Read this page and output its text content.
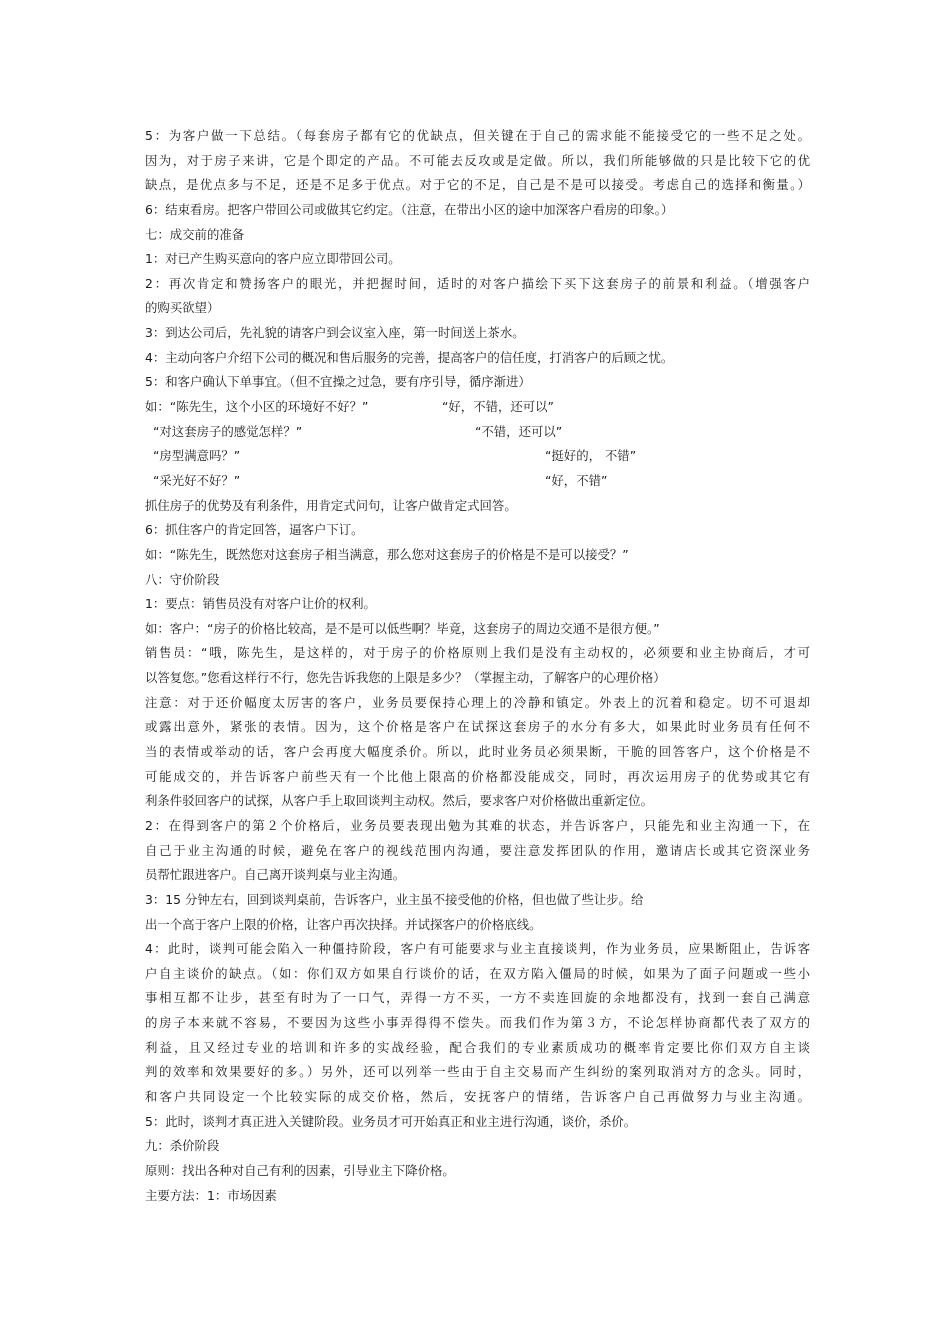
5：为客户做一下总结。（每套房子都有它的优缺点，但关键在于自己的需求能不能接受它的一些不足之处。
因为，对于房子来讲，它是个即定的产品。不可能去反攻或是定做。所以，我们所能够做的只是比较下它的优
缺点，是优点多与不足，还是不足多于优点。对于它的不足，自己是不是可以接受。考虑自己的选择和衡量。）
6：结束看房。把客户带回公司或做其它约定。（注意，在带出小区的途中加深客户看房的印象。）
七：成交前的准备
1：对已产生购买意向的客户应立即带回公司。
2：再次肯定和赞扬客户的眼光，并把握时间，适时的对客户描绘下买下这套房子的前景和利益。（增强客户
的购买欲望）
3：到达公司后，先礼貌的请客户到会议室入座，第一时间送上茶水。
4：主动向客户介绍下公司的概况和售后服务的完善，提高客户的信任度，打消客户的后顾之忧。
5：和客户确认下单事宜。（但不宜操之过急，要有序引导，循序渐进）
如：“陈先生，这个小区的环境好不好？”	“好，不错，还可以”
“对这套房子的感觉怎样？”	“不错，还可以”
“房型满意吗？”	“挺好的， 不错”
“采光好不好？”	“好，不错”
抓住房子的优势及有利条件，用肯定式问句，让客户做肯定式回答。
6：抓住客户的肯定回答，逼客户下订。
如：“陈先生，既然您对这套房子相当满意，那么您对这套房子的价格是不是可以接受？”
八：守价阶段
1：要点：销售员没有对客户让价的权利。
如：客户：“房子的价格比较高，是不是可以低些啊？毕竟，这套房子的周边交通不是很方便。”
销售员：“哦，陈先生，是这样的，对于房子的价格原则上我们是没有主动权的，必须要和业主协商后，才可
以答复您。”您看这样行不行，您先告诉我您的上限是多少？（掌握主动，了解客户的心理价格）
注意：对于还价幅度太厉害的客户，业务员要保持心理上的冷静和镇定。外表上的沉着和稳定。切不可退却
或露出意外，紧张的表情。因为，这个价格是客户在试探这套房子的水分有多大，如果此时业务员有任何不
当的表情或举动的话，客户会再度大幅度杀价。所以，此时业务员必须果断，干脆的回答客户，这个价格是不
可能成交的，并告诉客户前些天有一个比他上限高的价格都没能成交，同时，再次运用房子的优势或其它有
利条件驳回客户的试探，从客户手上取回谈判主动权。然后，要求客户对价格做出重新定位。
2：在得到客户的第２个价格后，业务员要表现出勉为其难的状态，并告诉客户，只能先和业主沟通一下，在
自己于业主沟通的时候，避免在客户的视线范围内沟通，要注意发挥团队的作用，邀请店长或其它资深业务
员帮忙跟进客户。自己离开谈判桌与业主沟通。
3：15 分钟左右，回到谈判桌前，告诉客户，业主虽不接受他的价格，但也做了些让步。给
出一个高于客户上限的价格，让客户再次抉择。并试探客户的价格底线。
4：此时，谈判可能会陷入一种僵持阶段，客户有可能要求与业主直接谈判，作为业务员，应果断阻止，告诉客
户自主谈价的缺点。（如：你们双方如果自行谈价的话，在双方陷入僵局的时候，如果为了面子问题或一些小
事相互都不让步，甚至有时为了一口气，弄得一方不买，一方不卖连回旋的余地都没有，找到一套自己满意
的房子本来就不容易，不要因为这些小事弄得得不偿失。而我们作为第３方，不论怎样协商都代表了双方的
利益，且又经过专业的培训和许多的实战经验，配合我们的专业素质成功的概率肯定要比你们双方自主谈
判的效率和效果要好的多。）另外，还可以列举一些由于自主交易而产生纠纷的案列取消对方的念头。同时，
和客户共同设定一个比较实际的成交价格，然后，安抚客户的情绪，告诉客户自己再做努力与业主沟通。
5：此时，谈判才真正进入关键阶段。业务员才可开始真正和业主进行沟通，谈价，杀价。
九：杀价阶段
原则：找出各种对自己有利的因素，引导业主下降价格。
主要方法：1：市场因素
